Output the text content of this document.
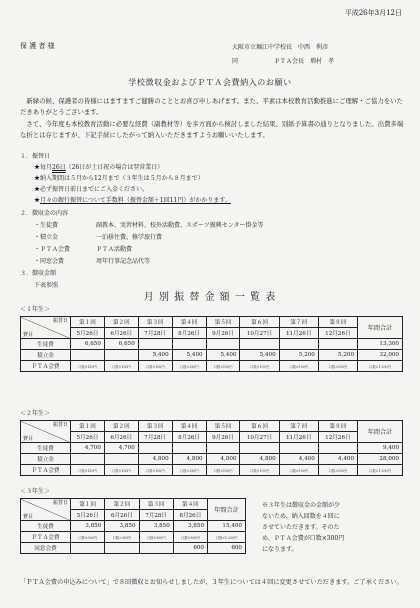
平成26年3月12日
保 護 者 様	大阪市立堀江中学校長　中西　利彦
同　　　　　　ＰＴＡ会長　増村　孝
学校徴収金およびＰＴＡ会費納入のお願い
新緑の候、保護者の皆様にはますますご健勝のこととお喜び申しあげます。また、平素は本校教育活動推進にご理解・ご協力をいただきありがとうございます。
さて、今年度も本校教育活動に必要な経費（副教材等）を多方面から検討しました結果、別紙予算書の通りとなりました。出費多端な折とは存じますが、下記手続にしたがって納入いただきますようお願いいたします。
１．振替日
★毎月26日（26日が土日祝の場合は翌営業日）
★納入期間は５月から12月まで（３年生は５月から８月まで）
★必ず振替日前日までにご入金ください。
★月々の銀行振替について手数料（振替金額＋1回11円）がかかります。
２．徴収金の内容
・生徒費	副教本、実習材料、校外活動費、スポーツ振興センター掛金等
・積立金	一泊移住費、修学旅行費
・ＰＴＡ会費	ＰＴＡ活動費
・同窓会費	周年行事記念品代等
３．徴収金額
下表参照
月 別 振 替 金 額 一 覧 表
＜１年生＞
振替日
費目	第１回	第２回	第３回	第４回	第５回	第６回	第７回	第８回	年間合計
	5月26日	6月26日	7月28日	8月26日	9月26日	10月27日	11月26日	12月26日	
生徒費	6,650	6,650							13,300
積立金			5,400	5,400	5,400	5,400	5,200	5,200	32,000
ＰＴＡ会費	口数×150円	口数×150円	口数×150円	口数×150円	口数×150円	口数×150円	口数×150円	口数×150円	口数×1,200円
＜２年生＞
振替日
費目	第１回	第２回	第３回	第４回	第５回	第６回	第７回	第８回	年間合計
	5月26日	6月26日	7月28日	8月26日	9月26日	10月27日	11月26日	12月26日	
生徒費	4,700	4,700							9,400
積立金			4,800	4,800	4,800	4,800	4,400	4,400	28,000
ＰＴＡ会費	口数×150円	口数×150円	口数×150円	口数×150円	口数×150円	口数×150円	口数×150円	口数×150円	口数×1,200円
＜３年生＞
振替日
費目	第１回	第２回	第３回	第４回	年間合計
	5月26日	6月26日	7月28日	8月26日	
生徒費	3,850	3,850	3,850	3,850	15,400
ＰＴＡ会費	口数×300円	口数×300円	口数×300円	口数×300円	口数×1,200円
同窓会費				600	600
※３年生は徴収金の金額が少
ないため、納入回数を４回に
させていただきます。そのた
め、ＰＴＡ会費が口数×300円
になります。
「ＰＴＡ会費の申込みについて」で８回徴収とお知らせしましたが、３年生については４回に変更させていただきます。ご了承ください。
